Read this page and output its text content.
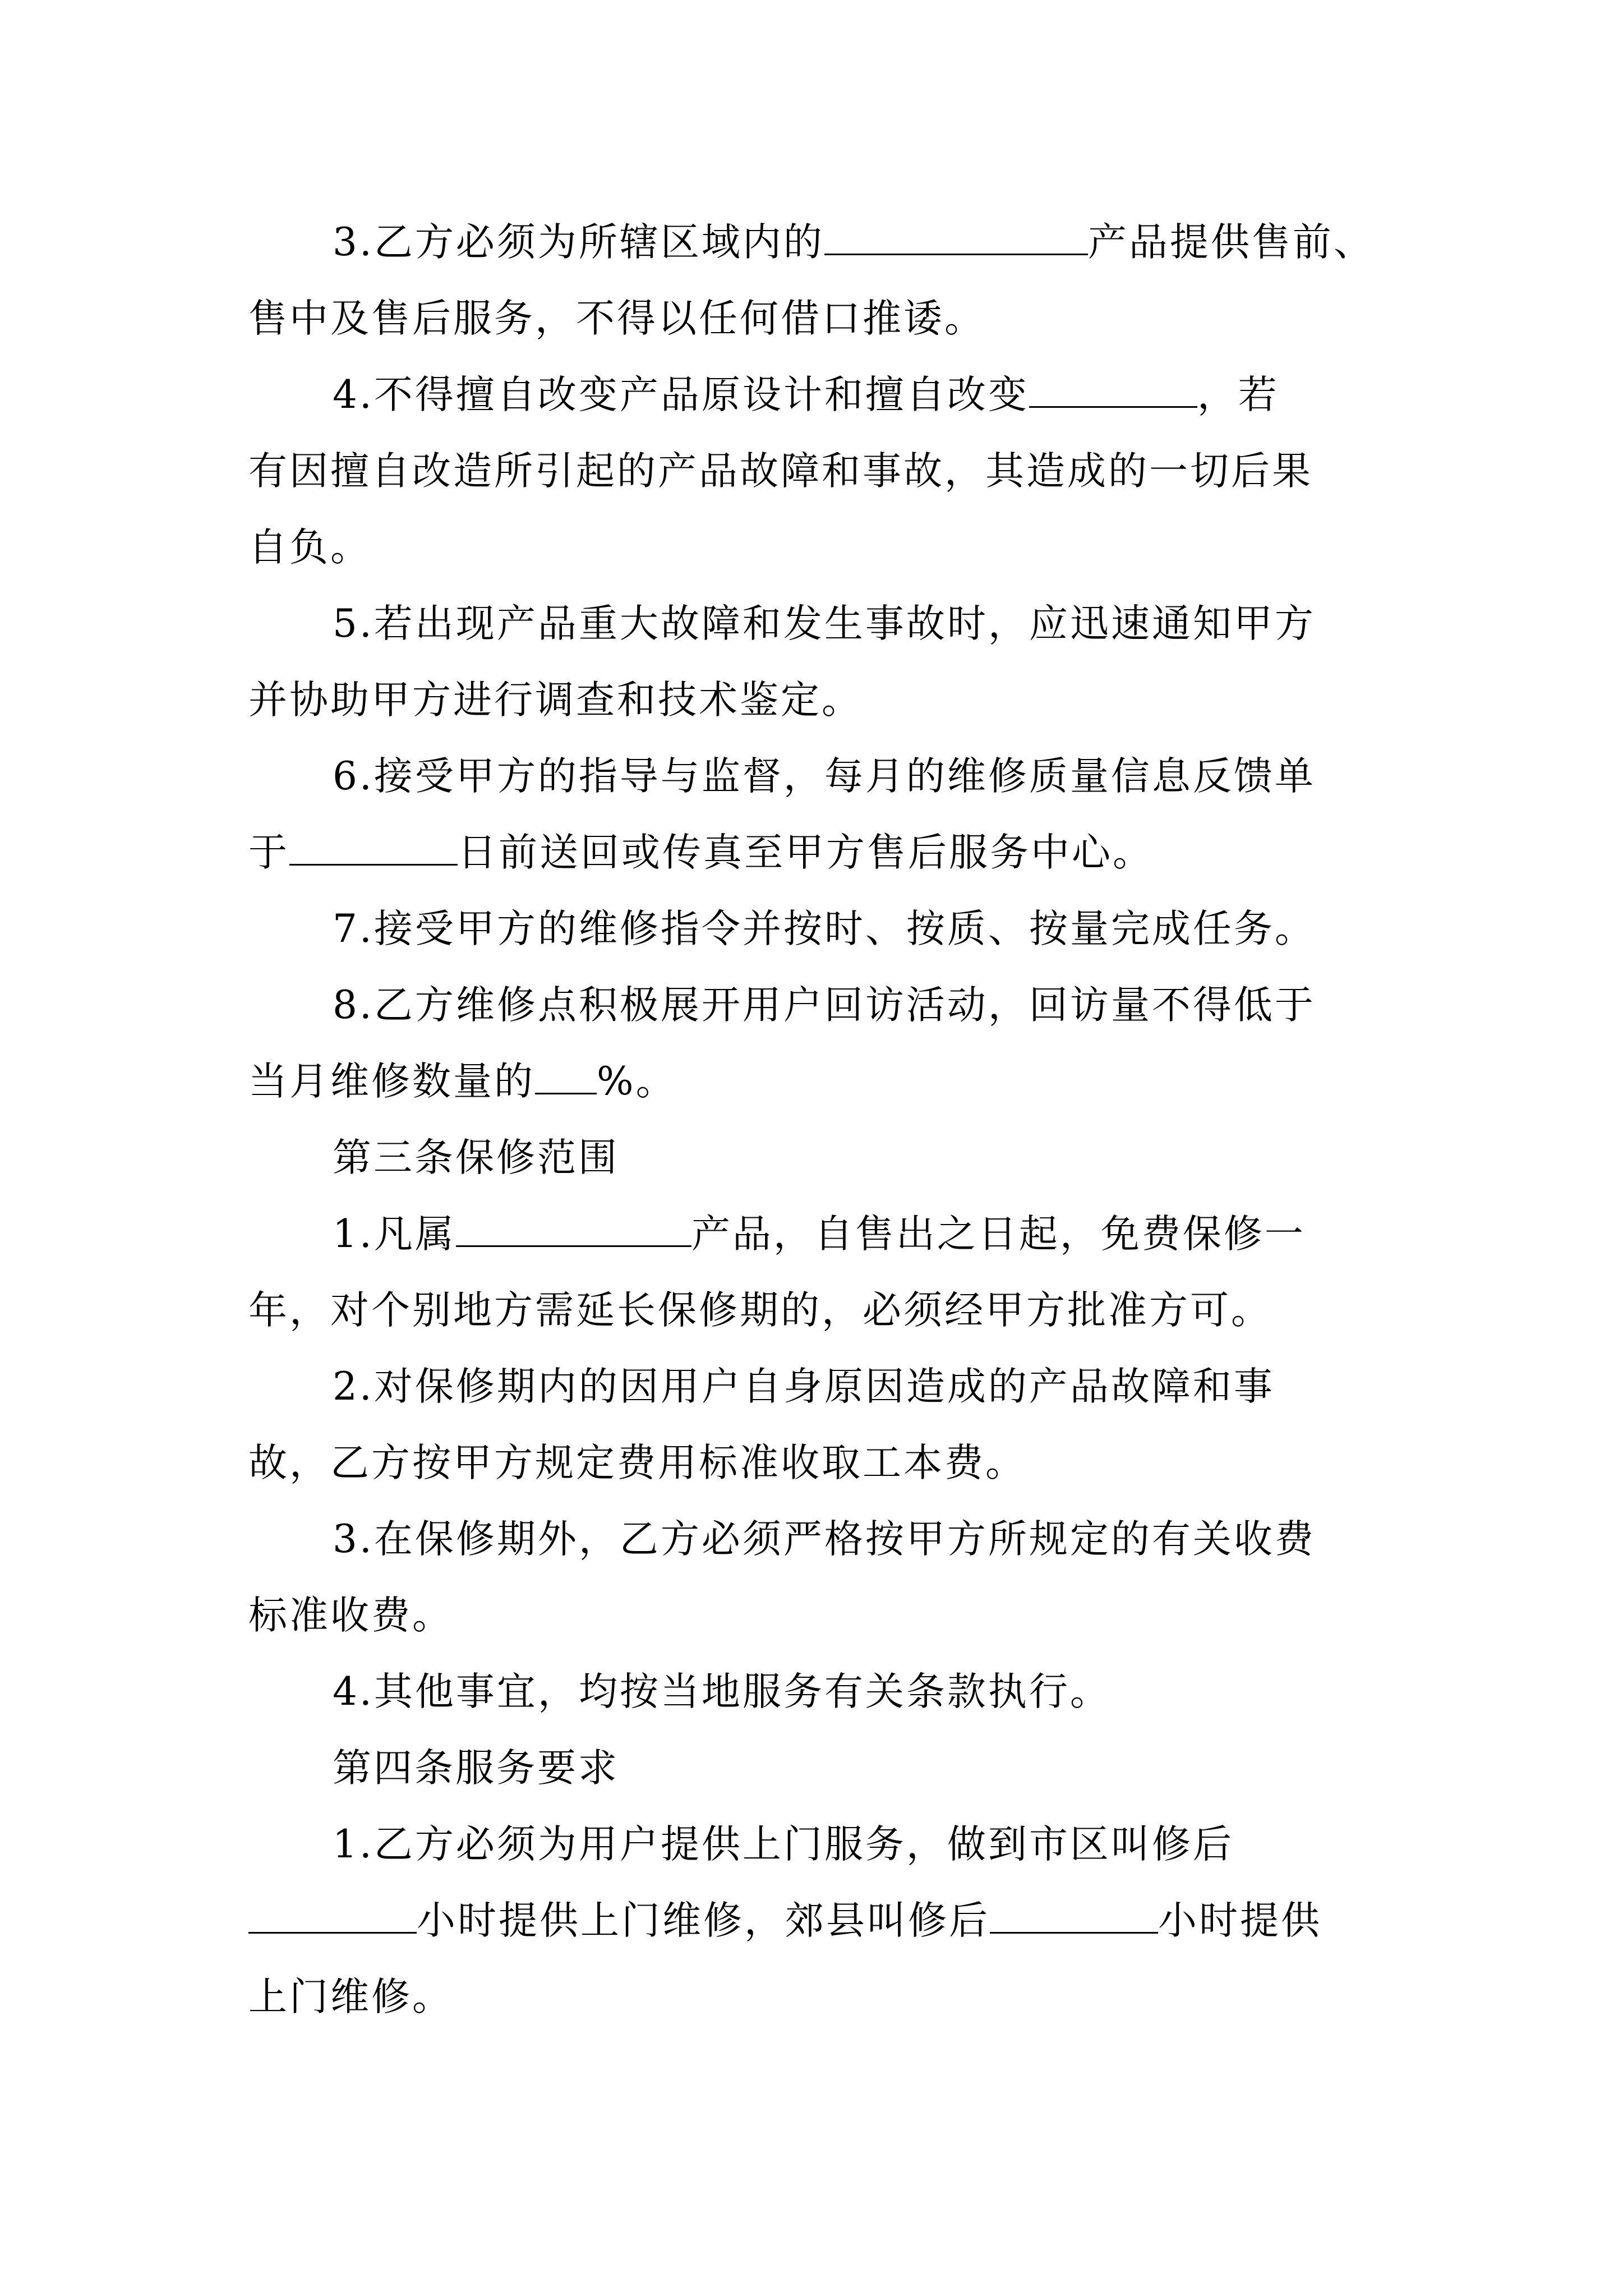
3.乙方必须为所辖区域内的	产品提供售前、
售中及售后服务，不得以任何借口推诿。
4.不得擅自改变产品原设计和擅自改变	，若
有因擅自改造所引起的产品故障和事故，其造成的一切后果
自负。
5.若出现产品重大故障和发生事故时，应迅速通知甲方
并协助甲方进行调查和技术鉴定。
6.接受甲方的指导与监督，每月的维修质量信息反馈单
于	日前送回或传真至甲方售后服务中心。
7.接受甲方的维修指令并按时、按质、按量完成任务。
8.乙方维修点积极展开用户回访活动，回访量不得低于
当月维修数量的 %。
第三条保修范围
1.凡属	产品，自售出之日起，免费保修一
年，对个别地方需延长保修期的，必须经甲方批准方可。
2.对保修期内的因用户自身原因造成的产品故障和事
故，乙方按甲方规定费用标准收取工本费。
3.在保修期外，乙方必须严格按甲方所规定的有关收费
标准收费。
4.其他事宜，均按当地服务有关条款执行。
第四条服务要求
1.乙方必须为用户提供上门服务，做到市区叫修后
小时提供上门维修，郊县叫修后	小时提供
上门维修。
